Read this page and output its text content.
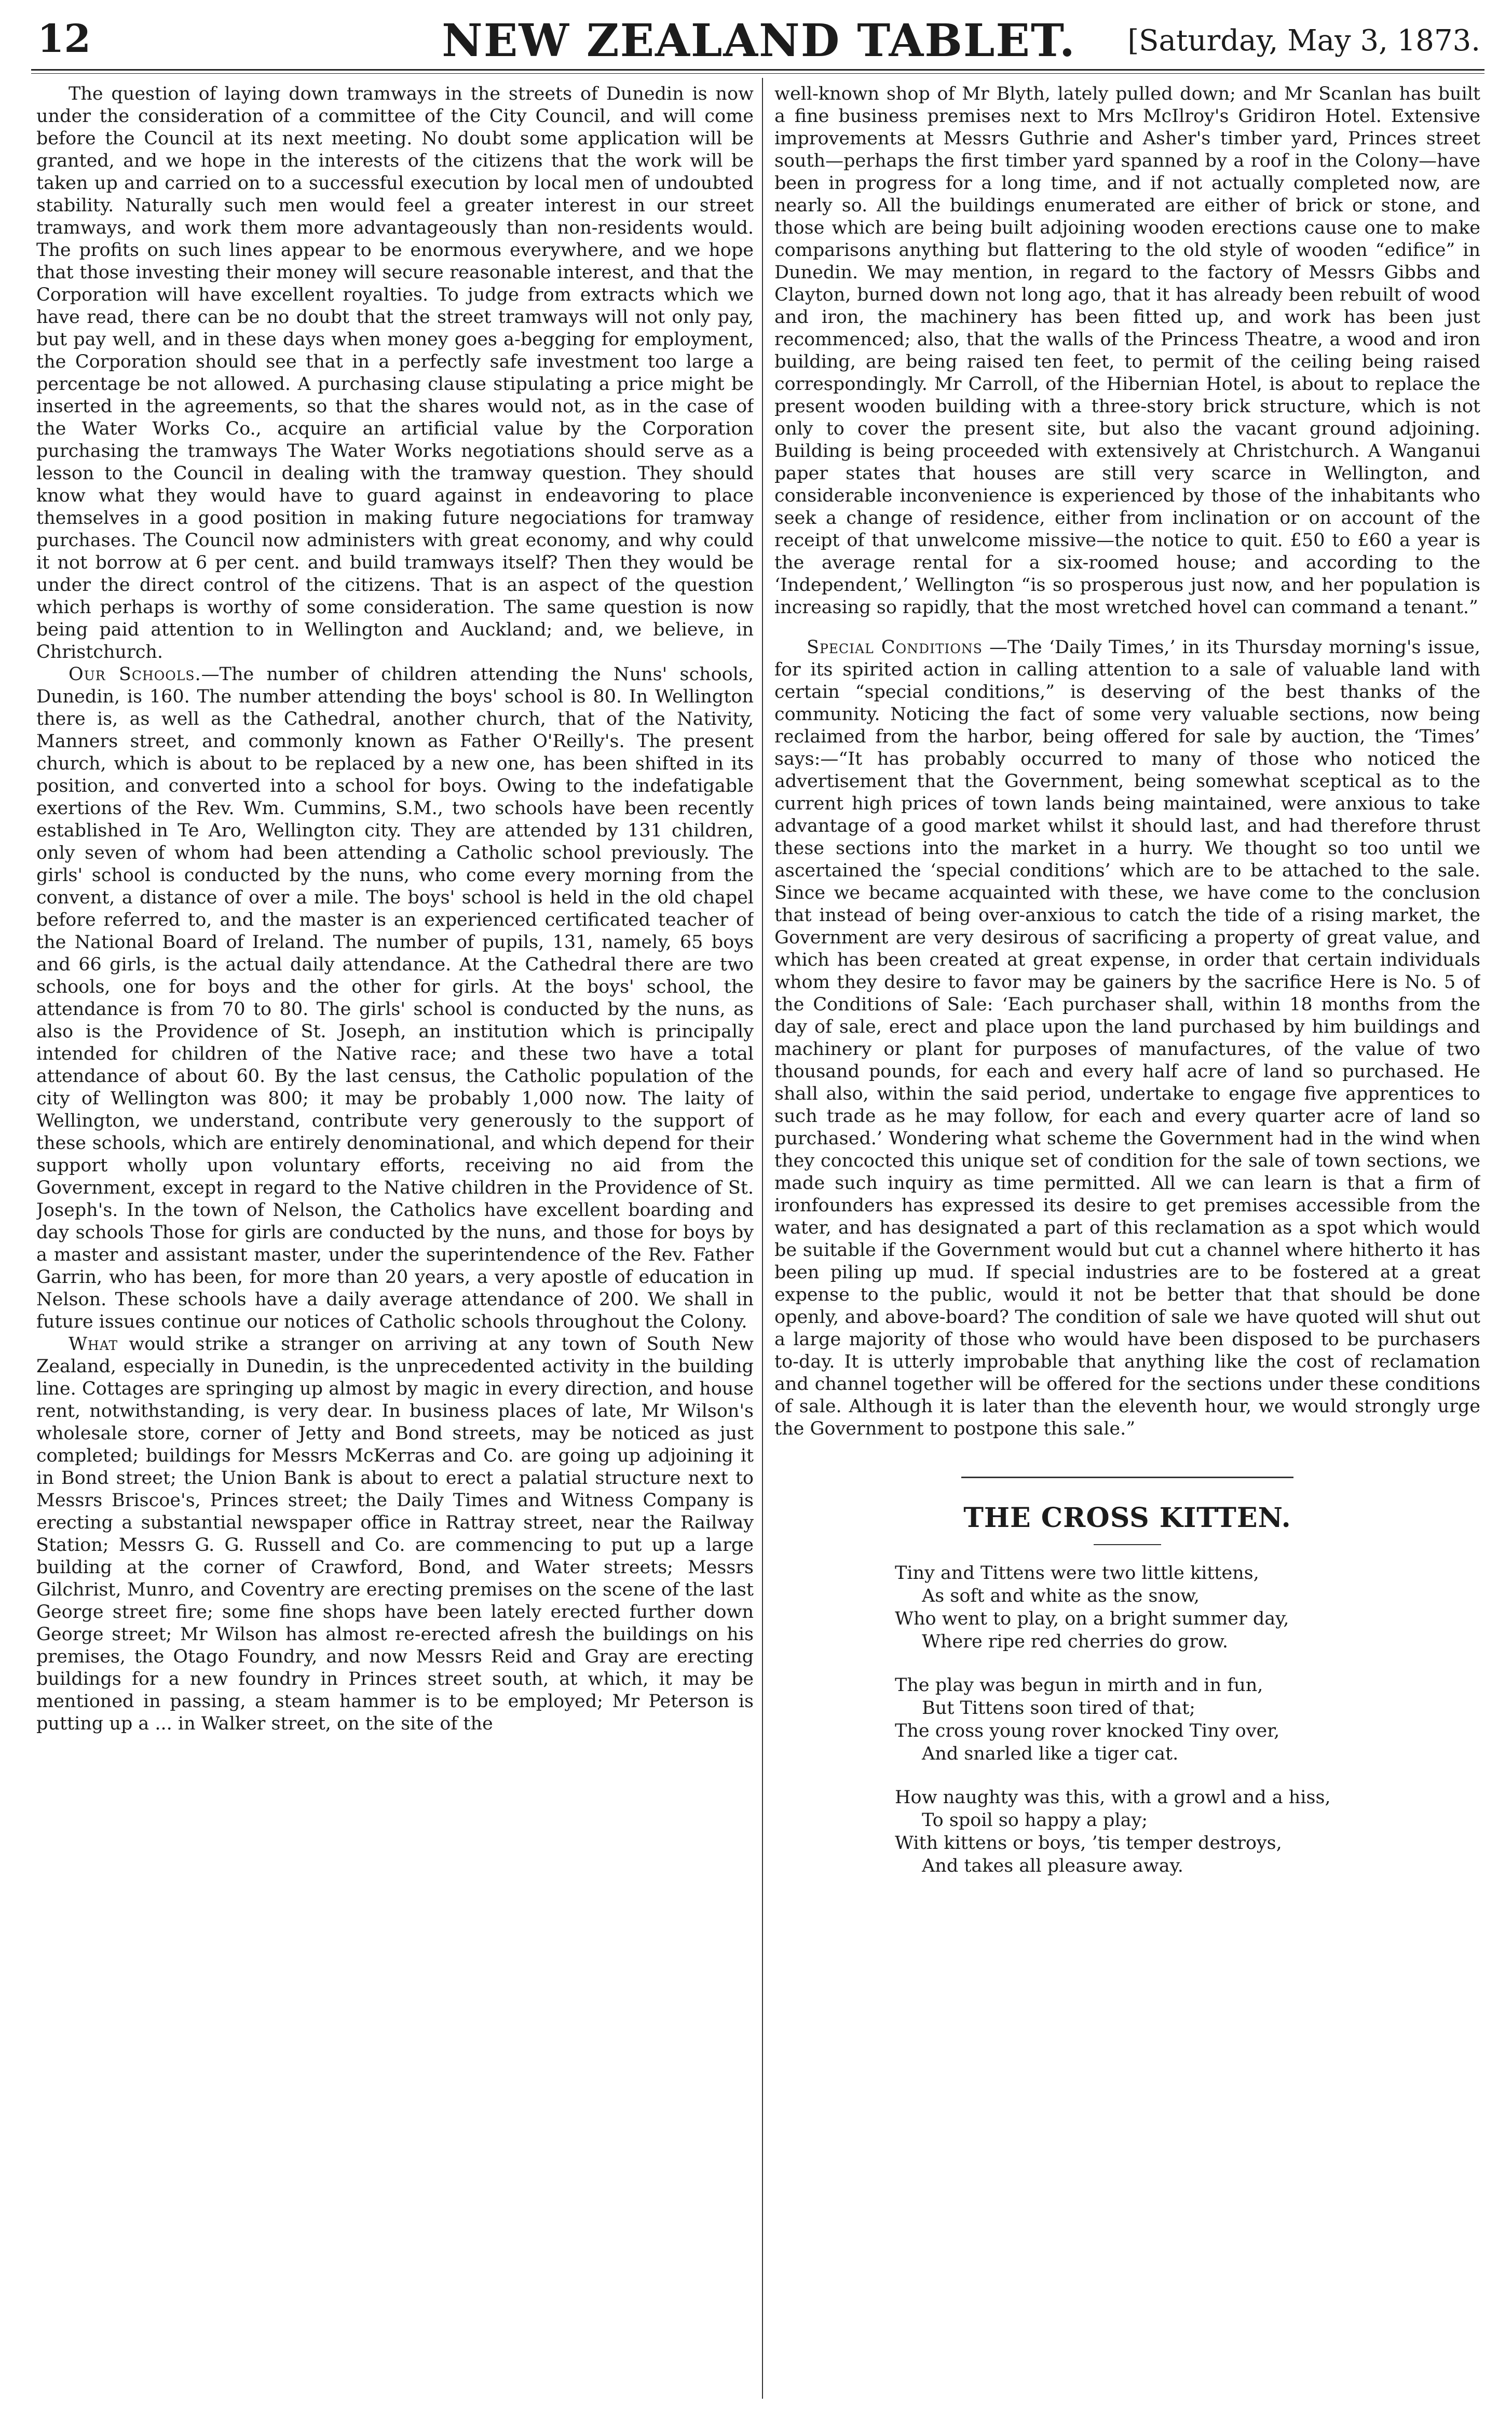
12	NEW ZEALAND TABLET.	[Saturday, May 3, 1873.

The question of laying down tramways in the streets of Dunedin is now under the consideration of a committee of the City Council, and will come before the Council at its next meeting. No doubt some application will be granted, and we hope in the interests of the citizens that the work will be taken up and carried on to a successful execution by local men of undoubted stability. Naturally such men would feel a greater interest in our street tramways, and work them more advantageously than non-residents would. The profits on such lines appear to be enormous everywhere, and we hope that those investing their money will secure reasonable interest, and that the Corporation will have excellent royalties. To judge from extracts which we have read, there can be no doubt that the street tramways will not only pay, but pay well, and in these days when money goes a-begging for employment, the Corporation should see that in a perfectly safe investment too large a percentage be not allowed. A purchasing clause stipulating a price might be inserted in the agreements, so that the shares would not, as in the case of the Water Works Co., acquire an artificial value by the Corporation purchasing the tramways The Water Works negotiations should serve as a lesson to the Council in dealing with the tramway question. They should know what they would have to guard against in endeavoring to place themselves in a good position in making future negociations for tramway purchases. The Council now administers with great economy, and why could it not borrow at 6 per cent. and build tramways itself? Then they would be under the direct control of the citizens. That is an aspect of the question which perhaps is worthy of some consideration. The same question is now being paid attention to in Wellington and Auckland; and, we believe, in Christchurch.

Our Schools.—The number of children attending the Nuns' schools, Dunedin, is 160. The number attending the boys' school is 80. In Wellington there is, as well as the Cathedral, another church, that of the Nativity, Manners street, and commonly known as Father O'Reilly's. The present church, which is about to be replaced by a new one, has been shifted in its position, and converted into a school for boys. Owing to the indefatigable exertions of the Rev. Wm. Cummins, S.M., two schools have been recently established in Te Aro, Wellington city. They are attended by 131 children, only seven of whom had been attending a Catholic school previously. The girls' school is conducted by the nuns, who come every morning from the convent, a distance of over a mile. The boys' school is held in the old chapel before referred to, and the master is an experienced certificated teacher of the National Board of Ireland. The number of pupils, 131, namely, 65 boys and 66 girls, is the actual daily attendance. At the Cathedral there are two schools, one for boys and the other for girls. At the boys' school, the attendance is from 70 to 80. The girls' school is conducted by the nuns, as also is the Providence of St. Joseph, an institution which is principally intended for children of the Native race; and these two have a total attendance of about 60. By the last census, the Catholic population of the city of Wellington was 800; it may be probably 1,000 now. The laity of Wellington, we understand, contribute very generously to the support of these schools, which are entirely denominational, and which depend for their support wholly upon voluntary efforts, receiving no aid from the Government, except in regard to the Native children in the Providence of St. Joseph's. In the town of Nelson, the Catholics have excellent boarding and day schools Those for girls are conducted by the nuns, and those for boys by a master and assistant master, under the superintendence of the Rev. Father Garrin, who has been, for more than 20 years, a very apostle of education in Nelson. These schools have a daily average attendance of 200. We shall in future issues continue our notices of Catholic schools throughout the Colony.

What would strike a stranger on arriving at any town of South New Zealand, especially in Dunedin, is the unprecedented activity in the building line. Cottages are springing up almost by magic in every direction, and house rent, notwithstanding, is very dear. In business places of late, Mr Wilson's wholesale store, corner of Jetty and Bond streets, may be noticed as just completed; buildings for Messrs McKerras and Co. are going up adjoining it in Bond street; the Union Bank is about to erect a palatial structure next to Messrs Briscoe's, Princes street; the Daily Times and Witness Company is erecting a substantial newspaper office in Rattray street, near the Railway Station; Messrs G. G. Russell and Co. are commencing to put up a large building at the corner of Crawford, Bond, and Water streets; Messrs Gilchrist, Munro, and Coventry are erecting premises on the scene of the last George street fire; some fine shops have been lately erected further down George street; Mr Wilson has almost re-erected afresh the buildings on his premises, the Otago Foundry, and now Messrs Reid and Gray are erecting buildings for a new foundry in Princes street south, at which, it may be mentioned in passing, a steam hammer is to be employed; Mr Peterson is putting up a ... in Walker street, on the site of the

well-known shop of Mr Blyth, lately pulled down; and Mr Scanlan has built a fine business premises next to Mrs McIlroy's Gridiron Hotel. Extensive improvements at Messrs Guthrie and Asher's timber yard, Princes street south—perhaps the first timber yard spanned by a roof in the Colony—have been in progress for a long time, and if not actually completed now, are nearly so. All the buildings enumerated are either of brick or stone, and those which are being built adjoining wooden erections cause one to make comparisons anything but flattering to the old style of wooden “edifice” in Dunedin. We may mention, in regard to the factory of Messrs Gibbs and Clayton, burned down not long ago, that it has already been rebuilt of wood and iron, the machinery has been fitted up, and work has been just recommenced; also, that the walls of the Princess Theatre, a wood and iron building, are being raised ten feet, to permit of the ceiling being raised correspondingly. Mr Carroll, of the Hibernian Hotel, is about to replace the present wooden building with a three-story brick structure, which is not only to cover the present site, but also the vacant ground adjoining. Building is being proceeded with extensively at Christchurch. A Wanganui paper states that houses are still very scarce in Wellington, and considerable inconvenience is experienced by those of the inhabitants who seek a change of residence, either from inclination or on account of the receipt of that unwelcome missive—the notice to quit. £50 to £60 a year is the average rental for a six-roomed house; and according to the ‘Independent,’ Wellington “is so prosperous just now, and her population is increasing so rapidly, that the most wretched hovel can command a tenant.”

Special Conditions —The ‘Daily Times,’ in its Thursday morning's issue, for its spirited action in calling attention to a sale of valuable land with certain “special conditions,” is deserving of the best thanks of the community. Noticing the fact of some very valuable sections, now being reclaimed from the harbor, being offered for sale by auction, the ‘Times’ says:—“It has probably occurred to many of those who noticed the advertisement that the Government, being somewhat sceptical as to the current high prices of town lands being maintained, were anxious to take advantage of a good market whilst it should last, and had therefore thrust these sections into the market in a hurry. We thought so too until we ascertained the ‘special conditions’ which are to be attached to the sale. Since we became acquainted with these, we have come to the conclusion that instead of being over-anxious to catch the tide of a rising market, the Government are very desirous of sacrificing a property of great value, and which has been created at great expense, in order that certain individuals whom they desire to favor may be gainers by the sacrifice Here is No. 5 of the Conditions of Sale: ‘Each purchaser shall, within 18 months from the day of sale, erect and place upon the land purchased by him buildings and machinery or plant for purposes of manufactures, of the value of two thousand pounds, for each and every half acre of land so purchased. He shall also, within the said period, undertake to engage five apprentices to such trade as he may follow, for each and every quarter acre of land so purchased.’ Wondering what scheme the Government had in the wind when they concocted this unique set of condition for the sale of town sections, we made such inquiry as time permitted. All we can learn is that a firm of ironfounders has expressed its desire to get premises accessible from the water, and has designated a part of this reclamation as a spot which would be suitable if the Government would but cut a channel where hitherto it has been piling up mud. If special industries are to be fostered at a great expense to the public, would it not be better that that should be done openly, and above-board? The condition of sale we have quoted will shut out a large majority of those who would have been disposed to be purchasers to-day. It is utterly improbable that anything like the cost of reclamation and channel together will be offered for the sections under these conditions of sale. Although it is later than the eleventh hour, we would strongly urge the Government to postpone this sale.”

THE CROSS KITTEN.
Tiny and Tittens were two little kittens,
As soft and white as the snow,
Who went to play, on a bright summer day,
Where ripe red cherries do grow.
The play was begun in mirth and in fun,
But Tittens soon tired of that;
The cross young rover knocked Tiny over,
And snarled like a tiger cat.
How naughty was this, with a growl and a hiss,
To spoil so happy a play;
With kittens or boys, ’tis temper destroys,
And takes all pleasure away.
